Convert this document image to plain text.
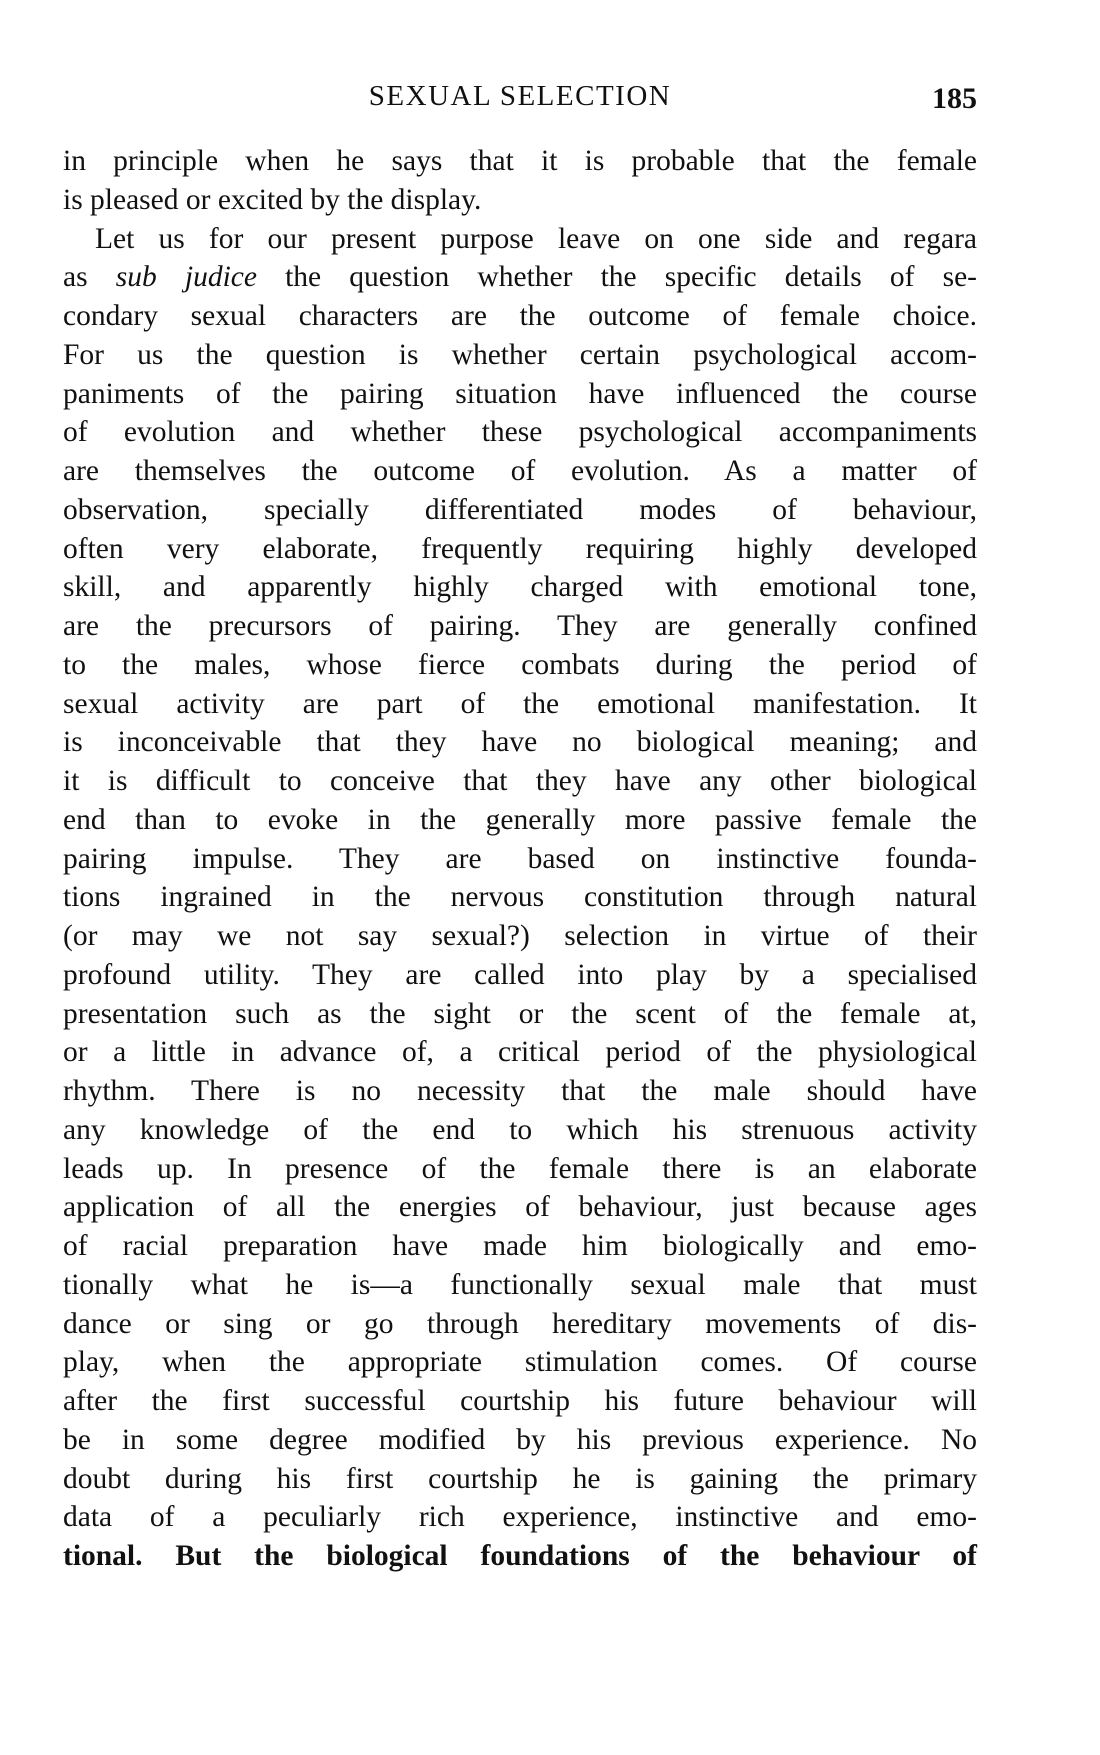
SEXUAL SELECTION	185
in principle when he says that it is probable that the female
is pleased or excited by the display.
Let us for our present purpose leave on one side and regara
as sub judice the question whether the specific details of se-
condary sexual characters are the outcome of female choice.
For us the question is whether certain psychological accom-
paniments of the pairing situation have influenced the course
of evolution and whether these psychological accompaniments
are themselves the outcome of evolution. As a matter of
observation, specially differentiated modes of behaviour,
often very elaborate, frequently requiring highly developed
skill, and apparently highly charged with emotional tone,
are the precursors of pairing. They are generally confined
to the males, whose fierce combats during the period of
sexual activity are part of the emotional manifestation. It
is inconceivable that they have no biological meaning; and
it is difficult to conceive that they have any other biological
end than to evoke in the generally more passive female the
pairing impulse. They are based on instinctive founda-
tions ingrained in the nervous constitution through natural
(or may we not say sexual?) selection in virtue of their
profound utility. They are called into play by a specialised
presentation such as the sight or the scent of the female at,
or a little in advance of, a critical period of the physiological
rhythm. There is no necessity that the male should have
any knowledge of the end to which his strenuous activity
leads up. In presence of the female there is an elaborate
application of all the energies of behaviour, just because ages
of racial preparation have made him biologically and emo-
tionally what he is—a functionally sexual male that must
dance or sing or go through hereditary movements of dis-
play, when the appropriate stimulation comes. Of course
after the first successful courtship his future behaviour will
be in some degree modified by his previous experience. No
doubt during his first courtship he is gaining the primary
data of a peculiarly rich experience, instinctive and emo-
tional. But the biological foundations of the behaviour of
